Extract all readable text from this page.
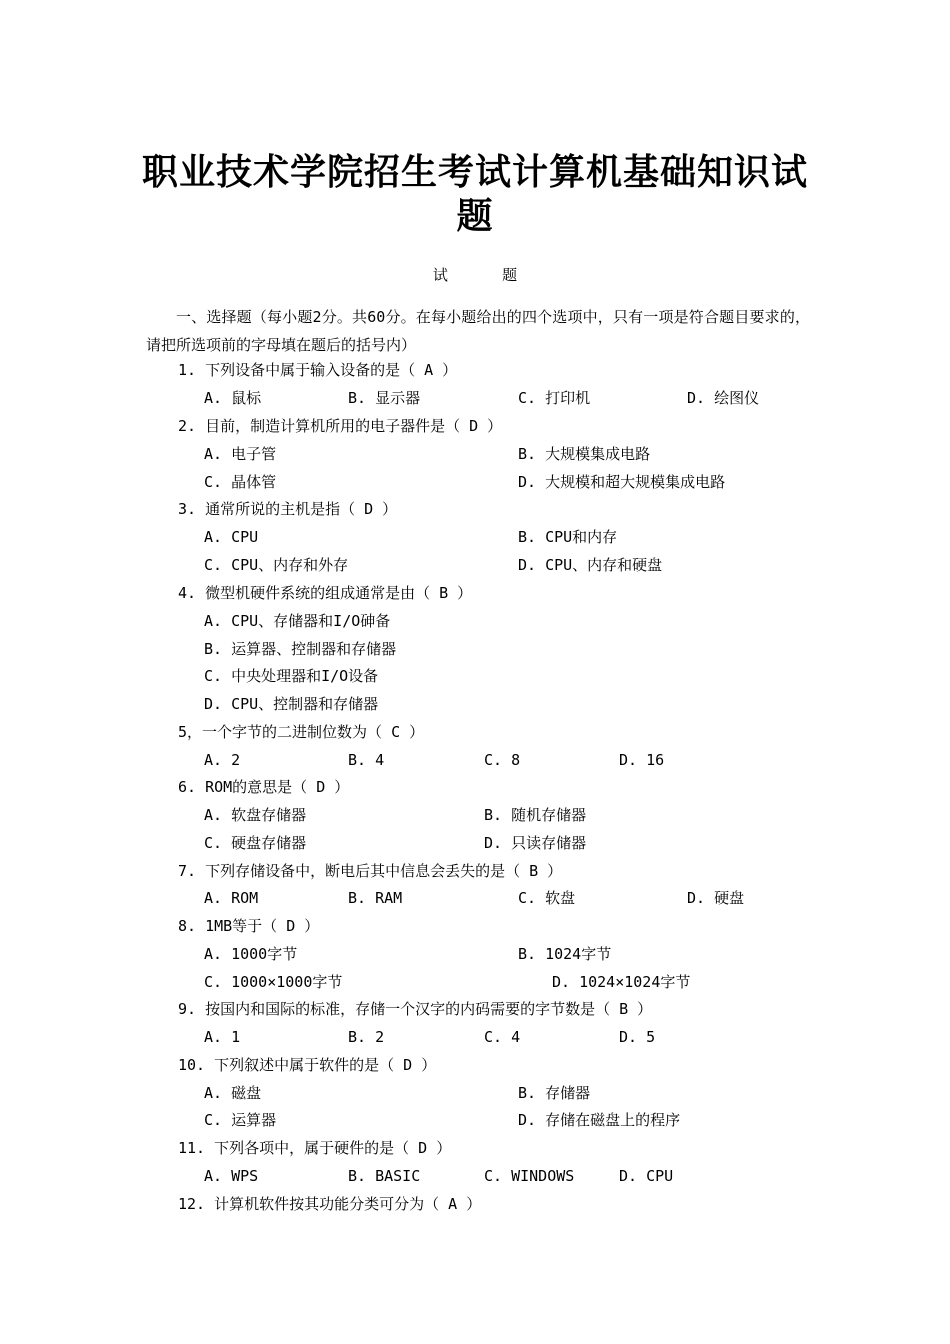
职业技术学院招生考试计算机基础知识试题
试      题
一、选择题（每小题2分。共60分。在每小题给出的四个选项中，只有一项是符合题目要求的，请把所选项前的字母填在题后的括号内）
1. 下列设备中属于输入设备的是（ A ）
A. 鼠标	B. 显示器	C. 打印机	D. 绘图仪
2. 目前，制造计算机所用的电子器件是（ D ）
A. 电子管	B. 大规模集成电路
C. 晶体管	D. 大规模和超大规模集成电路
3. 通常所说的主机是指（ D ）
A. CPU	B. CPU和内存
C. CPU、内存和外存	D. CPU、内存和硬盘
4. 微型机硬件系统的组成通常是由（ B ）
A. CPU、存储器和I/O砷备
B. 运算器、控制器和存储器
C. 中央处理器和I/O设备
D. CPU、控制器和存储器
5，一个字节的二进制位数为（ C ）
A. 2	B. 4	C. 8	D. 16
6. ROM的意思是（ D ）
A. 软盘存储器	B. 随机存储器
C. 硬盘存储器	D. 只读存储器
7. 下列存储设备中，断电后其中信息会丢失的是（ B ）
A. ROM	B. RAM	C. 软盘	D. 硬盘
8. 1MB等于（ D ）
A. 1000字节	B. 1024字节
C. 1000×1000字节	D. 1024×1024字节
9. 按国内和国际的标准，存储一个汉字的内码需要的字节数是（ B ）
A. 1	B. 2	C. 4	D. 5
10. 下列叙述中属于软件的是（ D ）
A. 磁盘	B. 存储器
C. 运算器	D. 存储在磁盘上的程序
11. 下列各项中，属于硬件的是（ D ）
A. WPS	B. BASIC	C. WINDOWS	D. CPU
12. 计算机软件按其功能分类可分为（ A ）
